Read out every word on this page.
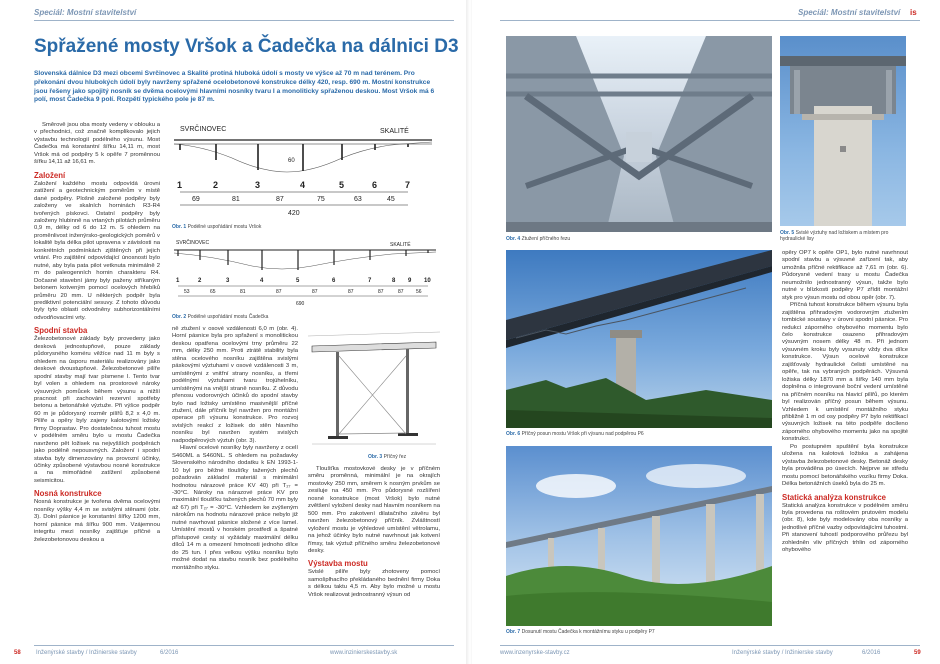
Speciál: Mostní stavitelství
Spřažené mosty Vršok a Čadečka na dálnici D3
Slovenská dálnice D3 mezi obcemi Svrčinovec a Skalité protíná hluboká údolí s mosty ve výšce až 70 m nad terénem. Pro překonání dvou hlubokých údolí byly navrženy spřažené ocelobetonové konstrukce délky 420, resp. 690 m. Mostní konstrukce jsou řešeny jako spojitý nosník se dvěma ocelovými hlavními nosníky tvaru I a monoliticky spřaženou deskou. Most Vršok má 6 polí, most Čadečka 9 polí. Rozpětí typického pole je 87 m.

Směrově jsou oba mosty vedeny v oblouku a v přechodnici, což značně komplikovalo jejich výstavbu technologií podélného výsunu. Most Čadečka má konstantní šířku 14,11 m, most Vršok má od podpěry 5 k opěře 7 proměnnou šířku 14,11 až 16,61 m.

Založení

Založení každého mostu odpovídá úrovni zatížení a geotechnickým poměrům v místě dané podpěry. Plošně založené podpěry byly založeny ve skalních horninách R3-R4 tvořených pískovci. Ostatní podpěry byly založeny hlubinně na vrtaných pilotách průměru 0,9 m, délky od 6 do 12 m. S ohledem na proměnlivost inženýrsko-geologických poměrů v lokalitě byla délka pilot upravena v závislosti na konkrétních podmínkách zjištěných při jejich vrtání. Pro zajištění odpovídající únosnosti bylo nutné, aby byla pata pilot vetknuta minimálně 2 m do paleogenních hornin charakteru R4. Dočasné stavební jámy byly paženy stříkaným betonem kotveným pomocí ocelových hřebíků průměru 20 mm. U některých podpěr byla prediktivní potenciální sesuvy. Z tohoto důvodu byly tyto oblasti odvodněny subhorizontálními odvodňovacími vrty.

Spodní stavba

Železobetonové základy byly provedeny jako desková jednostupňové, pouze základy půdorysného koméru věžíce nad 11 m byly s ohledem na úsporu materiálu realizovány jako deskové dvoustupňové. Železobetonové pilíře spodní stavby mají tvar písmene I. Tento tvar byl volen s ohledem na prostorové nároky výsuvných pomůcek během výsunu a nižší pracnost při zachování rezervní spotřeby betonu a betonářské výztuže. Při výšce podpěr 60 m je půdorysný rozměr pilířů 8,2 x 4,0 m. Pilíře a opěry byly zajeny kalotovými ložisky firmy Doprastav. Pro dostatečnou tuhost mostu v podélném směru bylo u mostu Čadečka navrženo pět ložisek na nejvyšších podpěrách jako podélně nepousvných. Založení i spodní stavba byly dimenzovány na provozní účinky, účinky způsobené výstavbou nosné konstrukce a na mimořádné zatížení způsobené seismicitou.

Nosná konstrukce

Nosná konstrukce je tvořena dvěma ocelovými nosníky výšky 4,4 m se svislými stěnami (obr. 3). Dolní pásnice je konstantní šířky 1200 mm, horní pásnice má šířku 900 mm. Vzájemnou integritu mezi nosníky zajišťuje příčné a železobetonovou deskou a

SVRČINOVEC	SKALITÉ
60
1	2	3	4	5	6	7
69	81	87	75	63	45
420
Obr. 1 Podélné uspořádání mostu Vršok
SVRČINOVEC	SKALITÉ
1	2	3	4	5	6	7	8 9 10
53	65	81	87	87	87	87	87 56
690
Obr. 2 Podélné uspořádání mostu Čadečka

ně ztužení v osové vzdálenosti 6,0 m (obr. 4). Horní pásnice byla pro spřažení s monolitickou deskou opatřena ocelovými trny průměru 22 mm, délky 250 mm. Proti ztrátě stability byla stěna ocelového nosníku zajištěna svislými páskovými výztuhami v osové vzdálenosti 3 m, umístěnými z vnitřní strany nosníku, a třemi podélnými výztuhami tvaru trojúhelníku, umístěnými na vnější straně nosníku. Z důvodu přenosu vodorovných účinků do spodní stavby bylo nad ložisky umístěno masivnější příčné ztužení, dále příčník byl navržen pro montážní operace při výsunu konstrukce. Pro rozvoj svislých reakcí z ložisek do stěn hlavního nosníku byl navržen systém svislých nadpodpěrových výztuh (obr. 3).

Hlavní ocelové nosníky byly navrženy z ocelí S460ML a S460NL. S ohledem na požadavky Slovenského národního dodatku k EN 1993-1-10 byl pro běžné tloušťky tažených plechů požadován základní materiál s minimální hodnotou nárazové práce KV 40) při T₂₇ = -30°C. Nároky na nárazové práce KV pro maximální tloušťku tažených plechů 70 mm byly až 67) při T₂₇ = -30°C. Vzhledem ke zvýšeným nárokům na hodnotu nárazové práce nebylo již nutné navrhovat pásnice složené z více lamel. Umístění mostů v horském prostředí a špatné přístupové cesty si vyžádaly maximální délku dílců 14 m a omezení hmotnosti jednoho dílce do 25 tun. I přes velkou výšku nosníku bylo možné dodat na stavbu nosník bez podélného montážního styku.

Obr. 3 Příčný řez

Tloušťka mostovkové desky je v příčném směru proměnná, minimální je na okrajích mostovky 250 mm, směrem k nosným prvkům se zesiluje na 450 mm. Pro půdorysné rozšíření nosné konstrukce (most Vršok) bylo nutné zvětšení vyložení desky nad hlavním nosníkem na 500 mm. Pro zakotvení dilatačního závěru byl navržen železobetonový příčník. Zvláštností vyložení mostu je výhledové umístění větrolamu, na jehož účinky bylo nutné navrhnout jak kotvení římsy, tak výztuž příčného směru železobetonové desky.

Výstavba mostu

Svislé pilíře byly zhotoveny pomocí samošplhacího překládaného bednění firmy Doka s délkou taktu 4,5 m. Aby bylo možné u mostu Vršok realizovat jednostranný výsun od

58	Inženýrské stavby / Inžinierske stavby	6/2016	www.inzinierskestavby.sk
Speciál: Mostní stavitelství is
Obr. 4 Ztužení příčného řezu
Obr. 5 Svislé výztuhy nad ložiskem a místem pro hydraulické lisy
Obr. 6 Příčný posun mostu Vršok při výsunu nad podpěrou P6
Obr. 7 Dosunutí mostu Čadečka k montážnímu styku u podpěry P7

opěry OP7 k opěře OP1, bylo nutné navrhnout spodní stavbu a výsuvné zařízení tak, aby umožnila příčné rektifikace až 7,61 m (obr. 6). Půdorysné vedení trasy u mostu Čadečka neumožnilo jednostranný výsun, takže bylo nutné v blízkosti podpěry P7 zřídit montážní styk pro výsun mostu od obou opěr (obr. 7).

Příčná tuhost konstrukce během výsunu byla zajištěna přihradovým vodorovným ztužením tombické soustavy v úrovni spodní pásnice. Pro redukci záporného ohybového momentu bylo čelo konstrukce osazeno přihradovým výsuvným nosem délky 48 m. Při jednom výsuvném kroku byly vysunuty vždy dva dílce konstrukce. Výsun ocelové konstrukce zajišťovaly hydraulické čelisti umístěné na opěře, tak na vybraných podpěrách. Výsuvná ložiska délky 1870 mm a šířky 140 mm byla doplněna o integrované boční vedení umístěné na příčném nosníku na hlavicí pilířů, po kterém byl realizován příčný posun během výsunu. Vzhledem k umístění montážního styku přibližně 1 m od osy podpěry P7 bylo rektifikací výsuvných ložisek na této podpěře docíleno záporného ohybového momentu jako na spojité konstrukci.

Po postupném spuštění byla konstrukce uložena na kalotová ložiska a zahájena výstavba železobetonové desky. Betonáž desky byla prováděna po úsecích. Nejprve se středu mostu pomocí betonářského vozíku firmy Doka. Délka betonážních úseků byla do 25 m.

Statická analýza konstrukce

Statická analýza konstrukce v podélném směru byla provedena na roštovém prutovém modelu (obr. 8), kde byly modelovány oba nosníky a jednotlivé příčné vazby odpovídajícími tuhostmi. Při stanovení tuhostí podporového průřezu byl zohledněn vliv příčných trhlin od záporného ohybového

www.inzenyrske-stavby.cz	Inženýrské stavby / Inžinierske stavby	6/2016	59
